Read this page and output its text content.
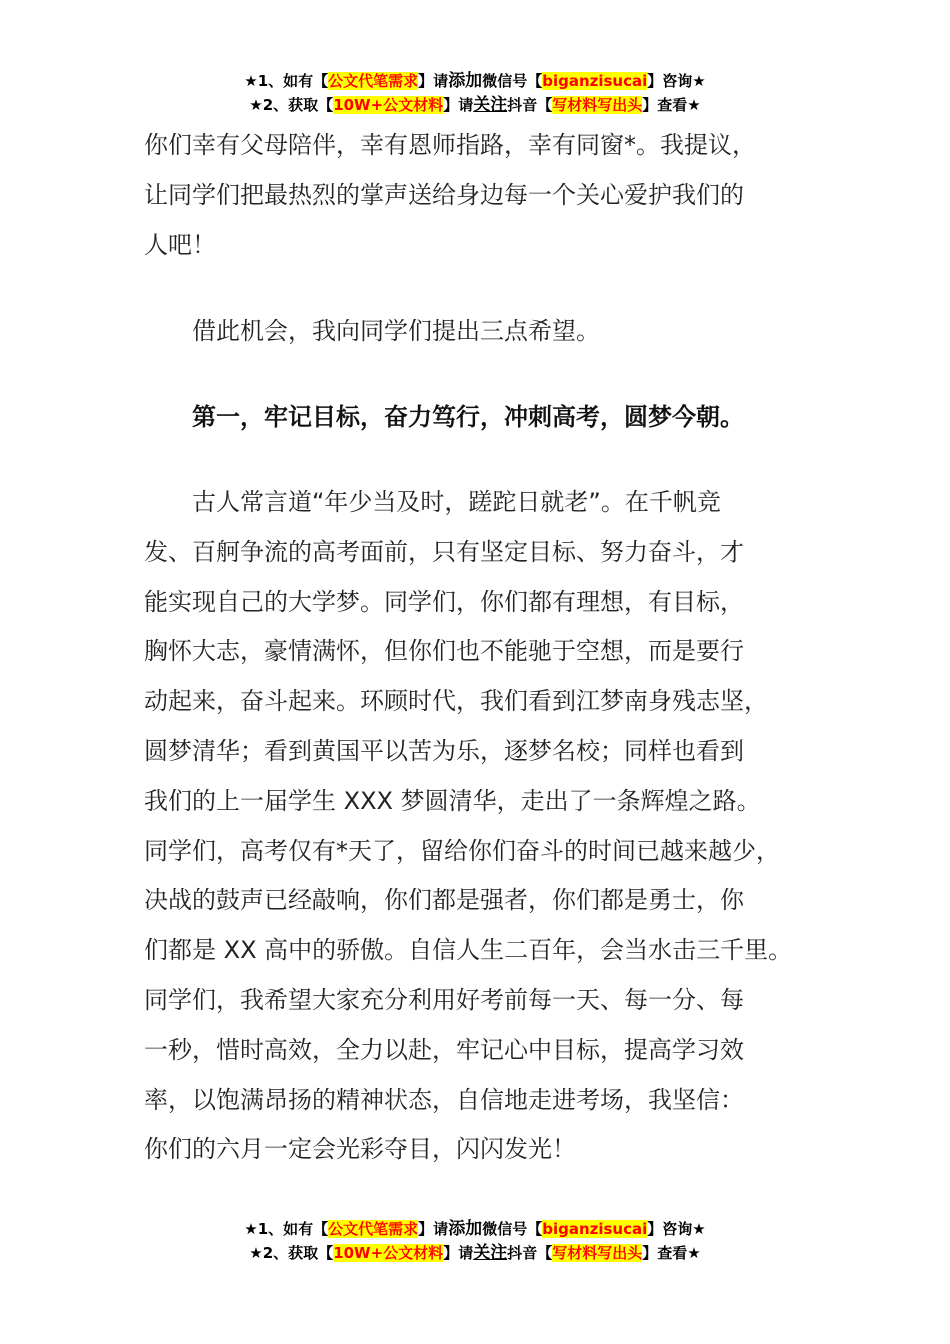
★1、如有【公文代笔需求】请添加微信号【biganzisucai】咨询★
★2、获取【10W+公文材料】请关注抖音【写材料写出头】查看★
你们幸有父母陪伴，幸有恩师指路，幸有同窗*。我提议，
让同学们把最热烈的掌声送给身边每一个关心爱护我们的
人吧！
　　借此机会，我向同学们提出三点希望。
　　第一，牢记目标，奋力笃行，冲刺高考，圆梦今朝。
　　古人常言道“年少当及时，蹉跎日就老”。在千帆竞
发、百舸争流的高考面前，只有坚定目标、努力奋斗，才
能实现自己的大学梦。同学们，你们都有理想，有目标，
胸怀大志，豪情满怀，但你们也不能驰于空想，而是要行
动起来，奋斗起来。环顾时代，我们看到江梦南身残志坚，
圆梦清华；看到黄国平以苦为乐，逐梦名校；同样也看到
我们的上一届学生 XXX 梦圆清华，走出了一条辉煌之路。
同学们，高考仅有*天了，留给你们奋斗的时间已越来越少，
决战的鼓声已经敲响，你们都是强者，你们都是勇士，你
们都是 XX 高中的骄傲。自信人生二百年，会当水击三千里。
同学们，我希望大家充分利用好考前每一天、每一分、每
一秒，惜时高效，全力以赴，牢记心中目标，提高学习效
率，以饱满昂扬的精神状态，自信地走进考场，我坚信：
你们的六月一定会光彩夺目，闪闪发光！
★1、如有【公文代笔需求】请添加微信号【biganzisucai】咨询★
★2、获取【10W+公文材料】请关注抖音【写材料写出头】查看★
